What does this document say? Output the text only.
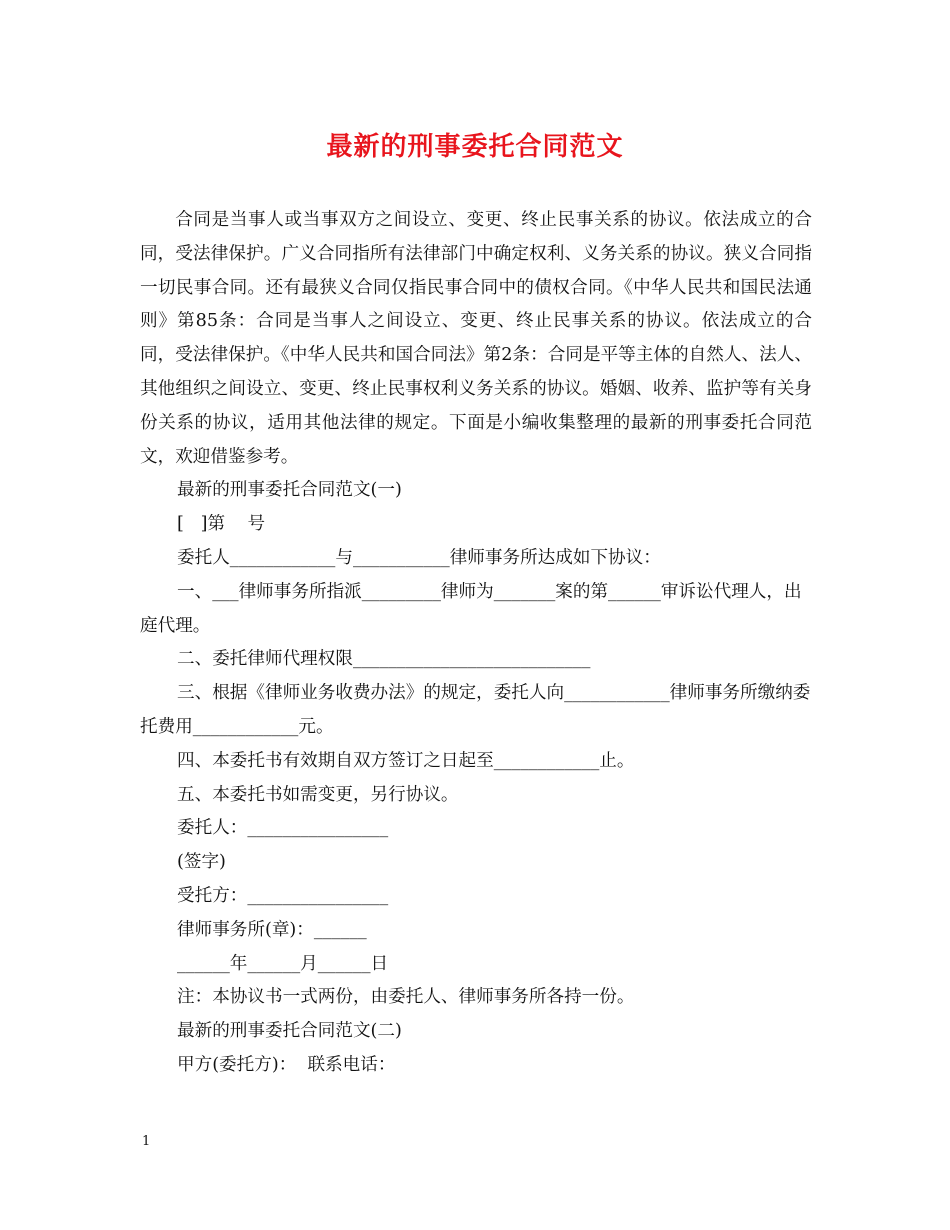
最新的刑事委托合同范文

合同是当事人或当事双方之间设立、变更、终止民事关系的协议。依法成立的合同，受法律保护。广义合同指所有法律部门中确定权利、义务关系的协议。狭义合同指一切民事合同。还有最狭义合同仅指民事合同中的债权合同。《中华人民共和国民法通则》第85条：合同是当事人之间设立、变更、终止民事关系的协议。依法成立的合同，受法律保护。《中华人民共和国合同法》第2条：合同是平等主体的自然人、法人、其他组织之间设立、变更、终止民事权利义务关系的协议。婚姻、收养、监护等有关身份关系的协议，适用其他法律的规定。下面是小编收集整理的最新的刑事委托合同范文，欢迎借鉴参考。

最新的刑事委托合同范文(一)

[   ]第    号

委托人____________与___________律师事务所达成如下协议：

一、___律师事务所指派_________律师为_______案的第______审诉讼代理人，出庭代理。

二、委托律师代理权限___________________________

三、根据《律师业务收费办法》的规定，委托人向____________律师事务所缴纳委托费用____________元。

四、本委托书有效期自双方签订之日起至____________止。

五、本委托书如需变更，另行协议。

委托人：________________

(签字)

受托方：________________

律师事务所(章)：______

______年______月______日

注：本协议书一式两份，由委托人、律师事务所各持一份。

最新的刑事委托合同范文(二)

甲方(委托方)：  联系电话：

1
